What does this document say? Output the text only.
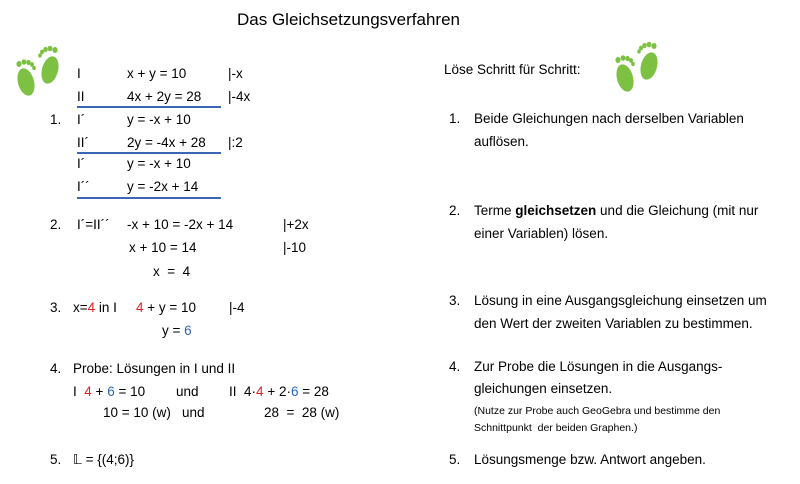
Das Gleichsetzungsverfahren
I	x + y = 10	|-x
II	4x + 2y = 28 |-4x
1. I´	y = -x + 10
II´	2y = -4x + 28 |:2
I´	y = -x + 10
I´´	y = -2x + 14
2. I´=II´´ -x + 10 = -2x + 14	|+2x
x + 10 = 14	|-10
x  =  4
3. x=4 in I 4 + y = 10 |-4
y = 6
4. Probe: Lösungen in I und II
I 4 + 6 = 10 und II 4·4 + 2·6 = 28
10 = 10 (w) und	28  =  28 (w)
5. 𝕃 = {(4;6)}
Löse Schritt für Schritt:
1. Beide Gleichungen nach derselben Variablen
auflösen.
2. Terme gleichsetzen und die Gleichung (mit nur
einer Variablen) lösen.
3. Lösung in eine Ausgangsgleichung einsetzen um
den Wert der zweiten Variablen zu bestimmen.
4. Zur Probe die Lösungen in die Ausgangs-
gleichungen einsetzen.
(Nutze zur Probe auch GeoGebra und bestimme den
Schnittpunkt  der beiden Graphen.)
5. Lösungsmenge bzw. Antwort angeben.
